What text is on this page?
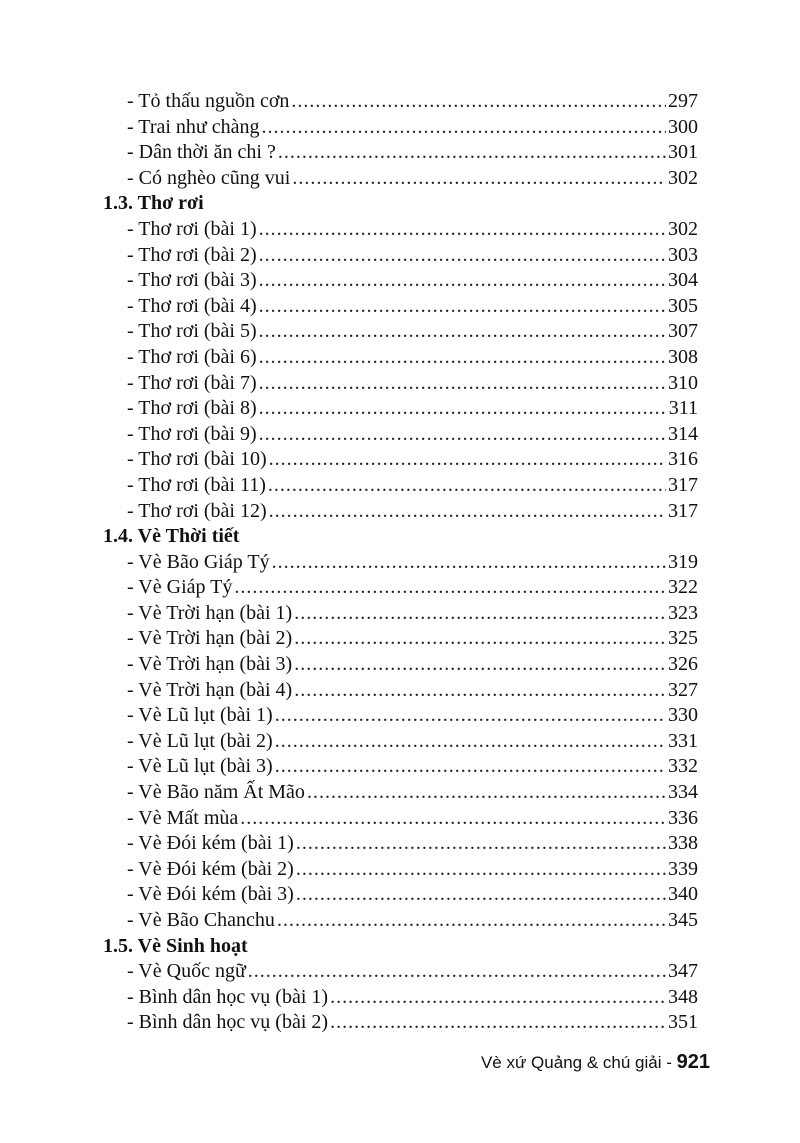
- Tỏ thấu nguồn cơn .....	297
- Trai như chàng .....	300
- Dân thời ăn chi ? .....	301
- Có nghèo cũng vui .....	302
1.3. Thơ rơi
- Thơ rơi (bài 1) .....	302
- Thơ rơi (bài 2) .....	303
- Thơ rơi (bài 3) .....	304
- Thơ rơi (bài 4) .....	305
- Thơ rơi (bài 5) .....	307
- Thơ rơi (bài 6) .....	308
- Thơ rơi (bài 7) .....	310
- Thơ rơi (bài 8) .....	311
- Thơ rơi (bài 9) .....	314
- Thơ rơi (bài 10) .....	316
- Thơ rơi (bài 11) .....	317
- Thơ rơi (bài 12) .....	317
1.4. Vè Thời tiết
- Vè Bão Giáp Tý .....	319
- Vè Giáp Tý .....	322
- Vè Trời hạn (bài 1) .....	323
- Vè Trời hạn (bài 2) .....	325
- Vè Trời hạn (bài 3) .....	326
- Vè Trời hạn (bài 4) .....	327
- Vè Lũ lụt (bài 1) .....	330
- Vè Lũ lụt (bài 2) .....	331
- Vè Lũ lụt (bài 3) .....	332
- Vè Bão năm Ất Mão .....	334
- Vè Mất mùa .....	336
- Vè Đói kém (bài 1) .....	338
- Vè Đói kém (bài 2) .....	339
- Vè Đói kém (bài 3) .....	340
- Vè Bão Chanchu .....	345
1.5. Vè Sinh hoạt
- Vè Quốc ngữ .....	347
- Bình dân học vụ (bài 1) .....	348
- Bình dân học vụ (bài 2) .....	351
Vè xứ Quảng & chú giải - 921
